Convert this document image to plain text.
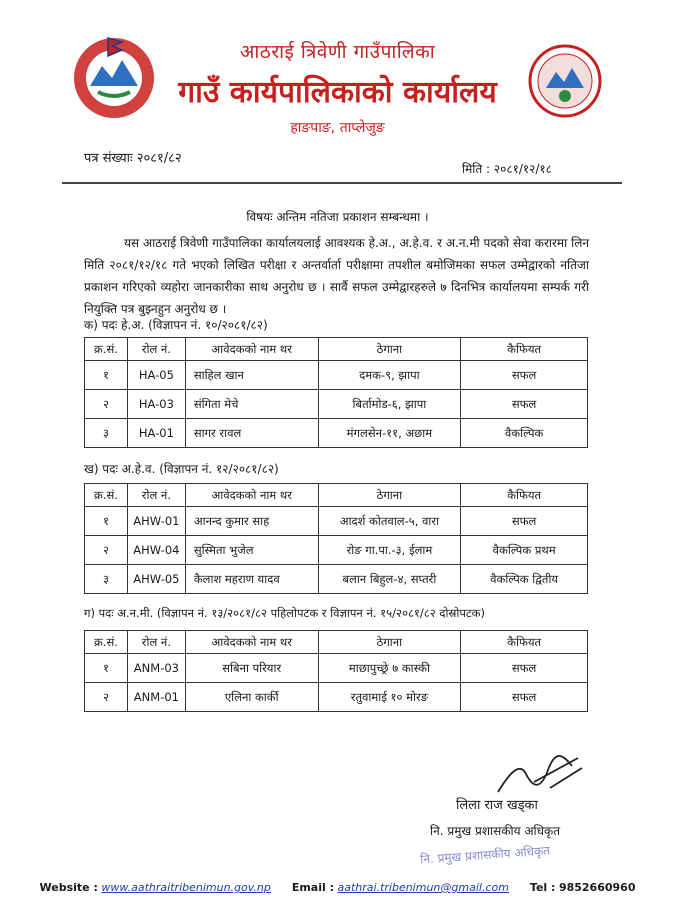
आठराई त्रिवेणी गाउँपालिका
गाउँ कार्यपालिकाको कार्यालय
हाङपाङ, ताप्लेजुङ
पत्र संख्याः २०८१/८२
मिति : २०८१/१२/१८
विषयः अन्तिम नतिजा प्रकाशन सम्बन्धमा ।
यस आठराई त्रिवेणी गाउँपालिका कार्यालयलाई आवश्यक हे.अ., अ.हे.व. र अ.न.मी पदको सेवा करारमा लिन मिति २०८१/१२/१८ गते भएको लिखित परीक्षा र अन्तर्वार्ता परीक्षामा तपशील बमोजिमका सफल उम्मेद्वारको नतिजा प्रकाशन गरिएको व्यहोरा जानकारीका साथ अनुरोध छ । सार्वै सफल उम्मेद्वारहरुले ७ दिनभित्र कार्यालयमा सम्पर्क गरी नियुक्ति पत्र बुझ्नहुन अनुरोध छ ।
क) पदः हे.अ. (विज्ञापन नं. १०/२०८१/८२)
क्र.सं.	रोल नं.	आवेदकको नाम थर	ठेगाना	कैफियत
१	HA-05	साहिल खान	दमक-९, झापा	सफल
२	HA-03	संगिता मेचे	बिर्तामोड-६, झापा	सफल
३	HA-01	सागर रावल	मंगलसेन-११, अछाम	वैकल्पिक
ख) पदः अ.हे.व. (विज्ञापन नं. १२/२०८१/८२)
क्र.सं.	रोल नं.	आवेदकको नाम थर	ठेगाना	कैफियत
१	AHW-01	आनन्द कुमार साह	आदर्श कोतवाल-५, वारा	सफल
२	AHW-04	सुस्मिता भुजेल	रोङ गा.पा.-३, ईलाम	वैकल्पिक प्रथम
३	AHW-05	कैलाश महराण यादव	बलान बिहुल-४, सप्तरी	वैकल्पिक द्वितीय
ग) पदः अ.न.मी. (विज्ञापन नं. १३/२०८१/८२ पहिलोपटक र विज्ञापन नं. १५/२०८१/८२ दोस्रोपटक)
क्र.सं.	रोल नं.	आवेदकको नाम थर	ठेगाना	कैफियत
१	ANM-03	सबिना परियार	माछापुच्छ्रे ७ कास्की	सफल
२	ANM-01	एलिना कार्की	रतुवामाई १० मोरङ	सफल
लिला राज खड्का
नि. प्रमुख प्रशासकीय अधिकृत
नि. प्रमुख प्रशासकीय अधिकृत
Website : www.aathraitribenimun.gov.np Email : aathrai.tribenimun@gmail.com Tel : 9852660960
